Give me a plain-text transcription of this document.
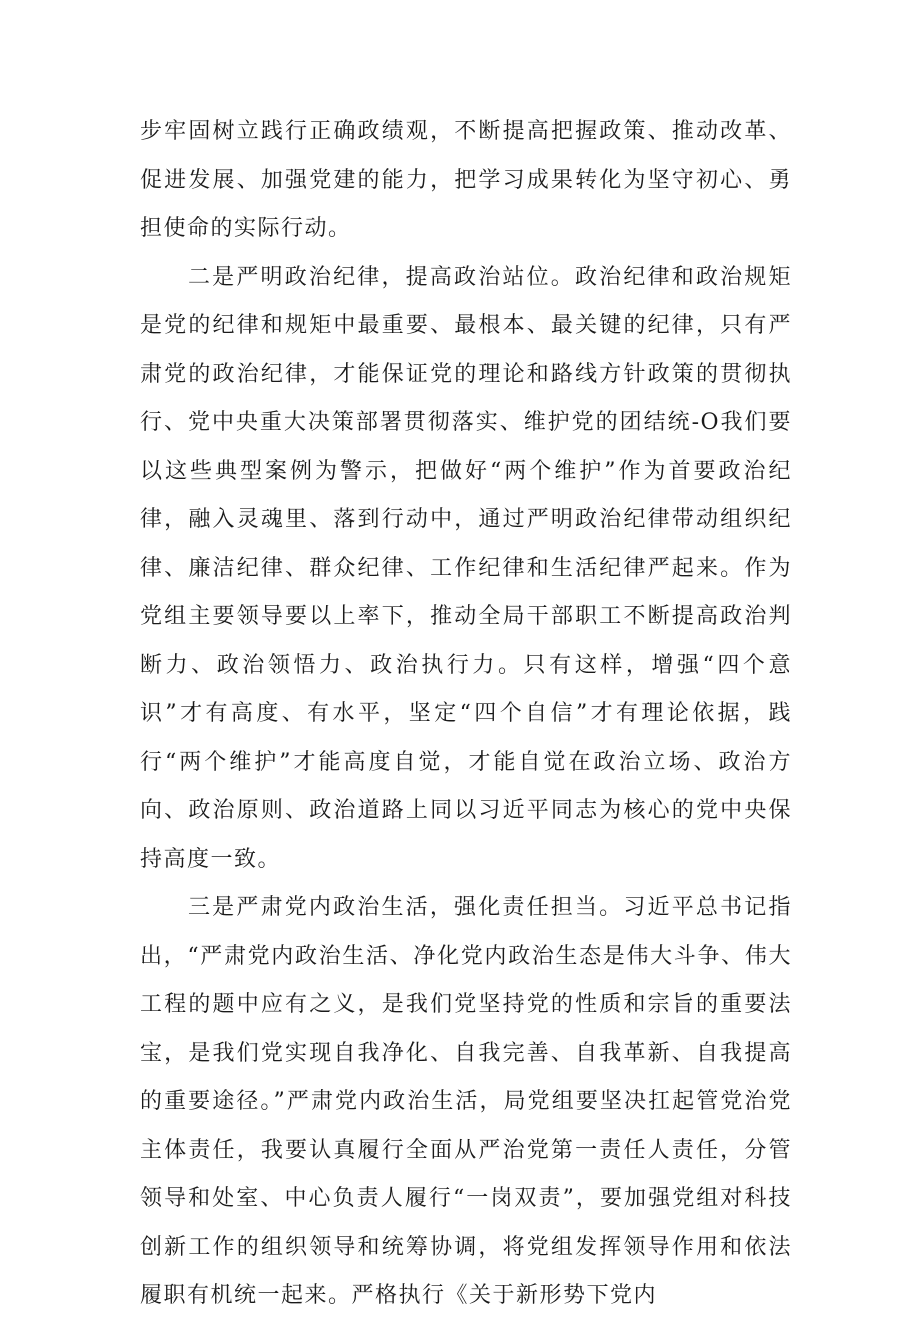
步牢固树立践行正确政绩观，不断提高把握政策、推动改革、促进发展、加强党建的能力，把学习成果转化为坚守初心、勇担使命的实际行动。

二是严明政治纪律，提高政治站位。政治纪律和政治规矩是党的纪律和规矩中最重要、最根本、最关键的纪律，只有严肃党的政治纪律，才能保证党的理论和路线方针政策的贯彻执行、党中央重大决策部署贯彻落实、维护党的团结统-O我们要以这些典型案例为警示，把做好“两个维护”作为首要政治纪律，融入灵魂里、落到行动中，通过严明政治纪律带动组织纪律、廉洁纪律、群众纪律、工作纪律和生活纪律严起来。作为党组主要领导要以上率下，推动全局干部职工不断提高政治判断力、政治领悟力、政治执行力。只有这样，增强“四个意识”才有高度、有水平，坚定“四个自信”才有理论依据，践行“两个维护”才能高度自觉，才能自觉在政治立场、政治方向、政治原则、政治道路上同以习近平同志为核心的党中央保持高度一致。

三是严肃党内政治生活，强化责任担当。习近平总书记指出，“严肃党内政治生活、净化党内政治生态是伟大斗争、伟大工程的题中应有之义，是我们党坚持党的性质和宗旨的重要法宝，是我们党实现自我净化、自我完善、自我革新、自我提高的重要途径。”严肃党内政治生活，局党组要坚决扛起管党治党主体责任，我要认真履行全面从严治党第一责任人责任，分管领导和处室、中心负责人履行“一岗双责”，要加强党组对科技创新工作的组织领导和统筹协调，将党组发挥领导作用和依法履职有机统一起来。严格执行《关于新形势下党内
